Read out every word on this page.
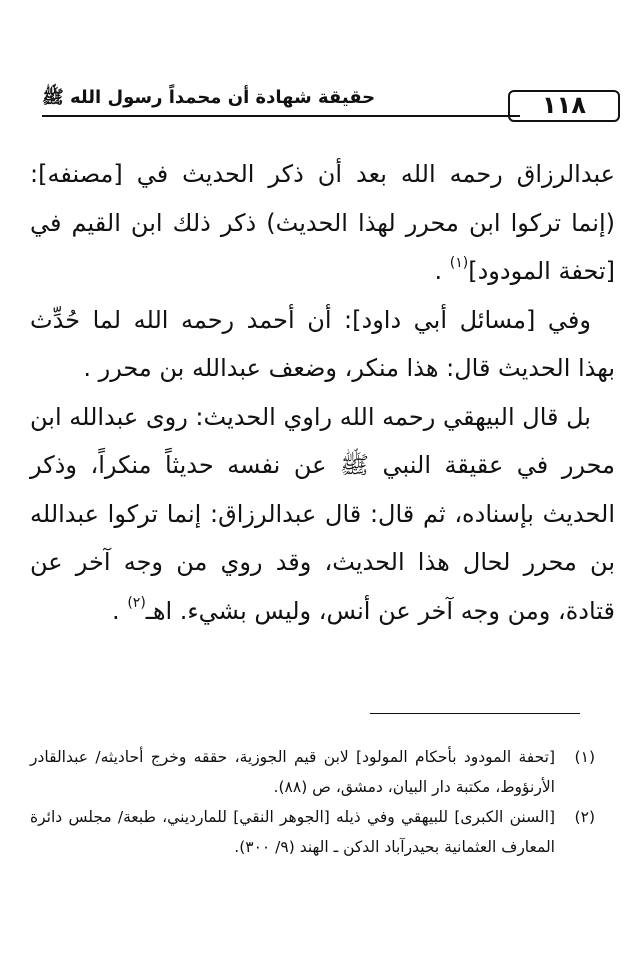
١١٨
حقيقة شهادة أن محمداً رسول الله ﷺ

عبدالرزاق رحمه الله بعد أن ذكر الحديث في [مصنفه]: (إنما تركوا ابن محرر لهذا الحديث) ذكر ذلك ابن القيم في [تحفة المودود]$^{(١)}$ .

وفي [مسائل أبي داود]: أن أحمد رحمه الله لما حُدِّث بهذا الحديث قال: هذا منكر، وضعف عبدالله بن محرر .

بل قال البيهقي رحمه الله راوي الحديث: روى عبدالله ابن محرر في عقيقة النبي ﷺ عن نفسه حديثاً منكراً، وذكر الحديث بإسناده، ثم قال: قال عبدالرزاق: إنما تركوا عبدالله بن محرر لحال هذا الحديث، وقد روي من وجه آخر عن قتادة، ومن وجه آخر عن أنس، وليس بشيء. اهـ$^{(٢)}$ .

(١)
[تحفة المودود بأحكام المولود] لابن قيم الجوزية، حققه وخرج أحاديثه/ عبدالقادر الأرنؤوط، مكتبة دار البيان، دمشق، ص (٨٨).
(٢)
[السنن الكبرى] للبيهقي وفي ذيله [الجوهر النقي] للمارديني، طبعة/ مجلس دائرة المعارف العثمانية بحيدرآباد الدكن ـ الهند (٩/ ٣٠٠).
